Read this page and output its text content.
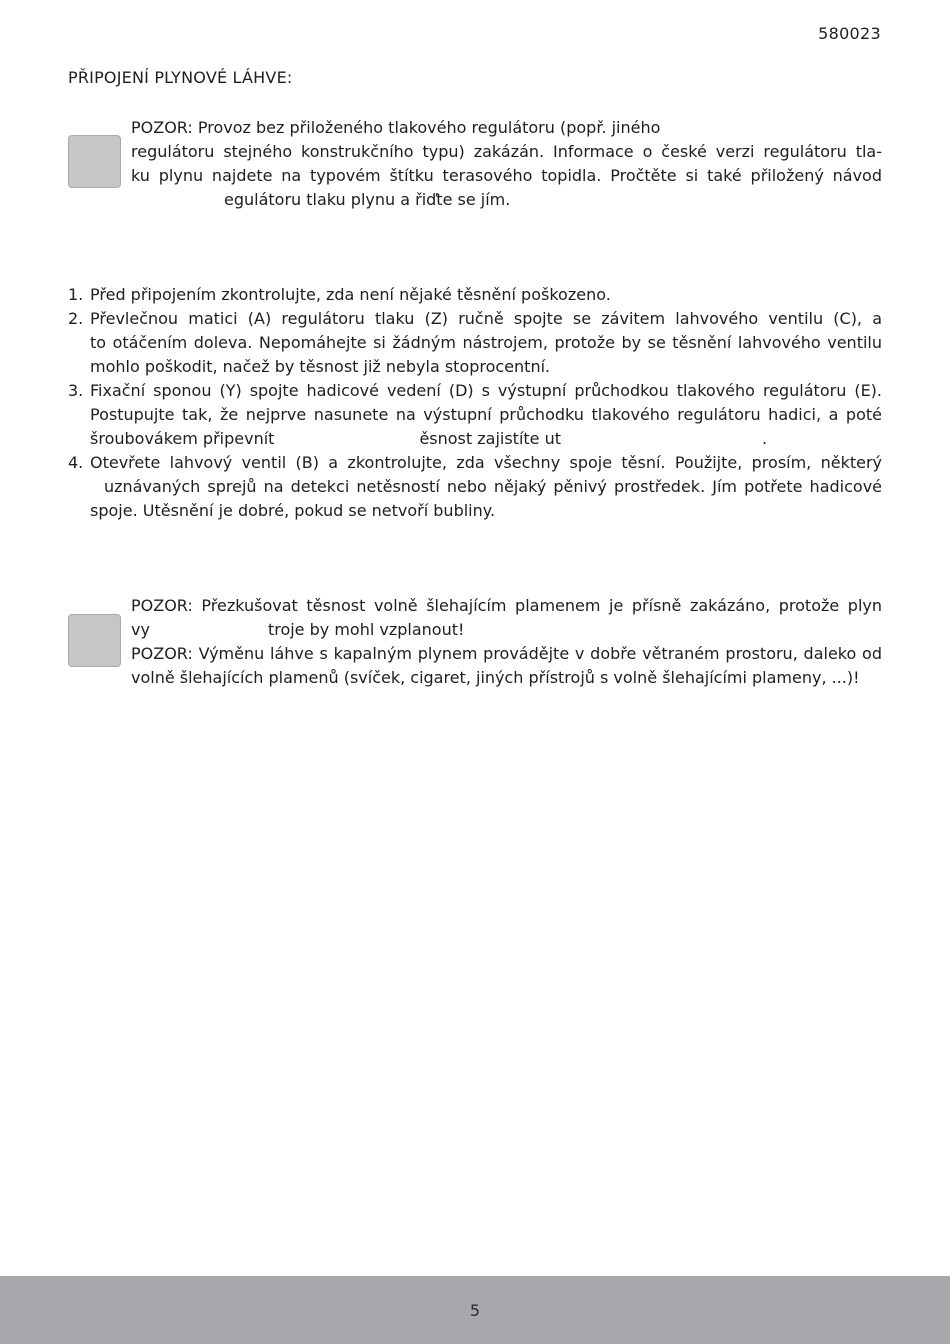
580023
PŘIPOJENÍ PLYNOVÉ LÁHVE:
POZOR: Provoz bez přiloženého tlakového regulátoru (popř. jiného
regulátoru stejného konstrukčního typu) zakázán. Informace o české verzi regulátoru tla-
ku plynu najdete na typovém štítku terasového topidla. Pročtěte si také přiložený návod
egulátoru tlaku plynu a řiďte se jím.
1. Před připojením zkontrolujte, zda není nějaké těsnění poškozeno.
2. Převlečnou matici (A) regulátoru tlaku (Z) ručně spojte se závitem lahvového ventilu (C), a
to otáčením doleva. Nepomáhejte si žádným nástrojem, protože by se těsnění lahvového ventilu
mohlo poškodit, načež by těsnost již nebyla stoprocentní.
3. Fixační sponou (Y) spojte hadicové vedení (D) s výstupní průchodkou tlakového regulátoru (E).
Postupujte tak, že nejprve nasunete na výstupní průchodku tlakového regulátoru hadici, a poté
šroubovákem připevnít	ěsnost zajistíte ut	.
4. Otevřete lahvový ventil (B) a zkontrolujte, zda všechny spoje těsní. Použijte, prosím, některý
uznávaných sprejů na detekci netěsností nebo nějaký pěnivý prostředek. Jím potřete hadicové
spoje. Utěsnění je dobré, pokud se netvoří bubliny.
POZOR: Přezkušovat těsnost volně šlehajícím plamenem je přísně zakázáno, protože plyn
vy	troje by mohl vzplanout!
POZOR: Výměnu láhve s kapalným plynem provádějte v dobře větraném prostoru, daleko od
volně šlehajících plamenů (svíček, cigaret, jiných přístrojů s volně šlehajícími plameny, ...)!
5
